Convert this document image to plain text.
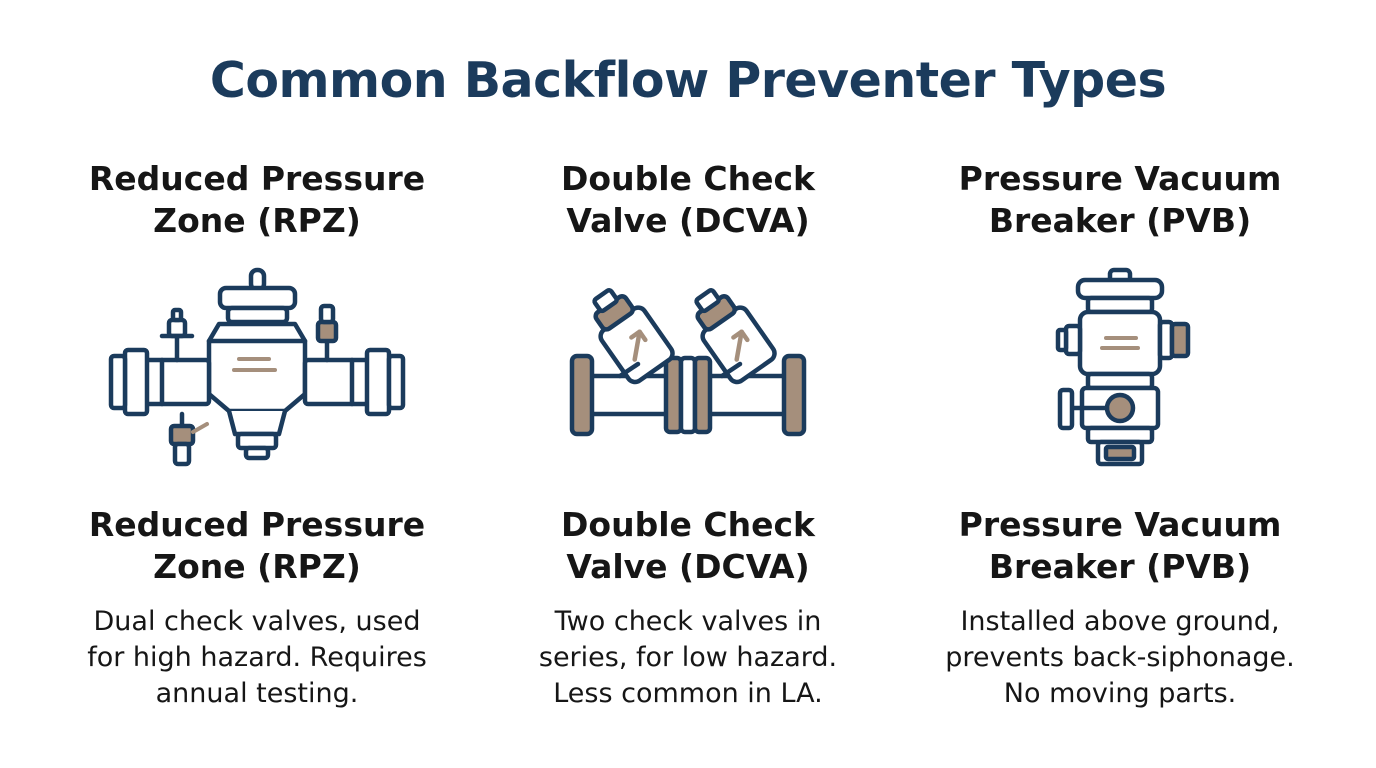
Common Backflow Preventer Types
Reduced Pressure
Zone (RPZ)
Reduced Pressure
Zone (RPZ)

Dual check valves, used
for high hazard. Requires
annual testing.

Double Check
Valve (DCVA)
Double Check
Valve (DCVA)

Two check valves in
series, for low hazard.
Less common in LA.

Pressure Vacuum
Breaker (PVB)
Pressure Vacuum
Breaker (PVB)

Installed above ground,
prevents back-siphonage.
No moving parts.
